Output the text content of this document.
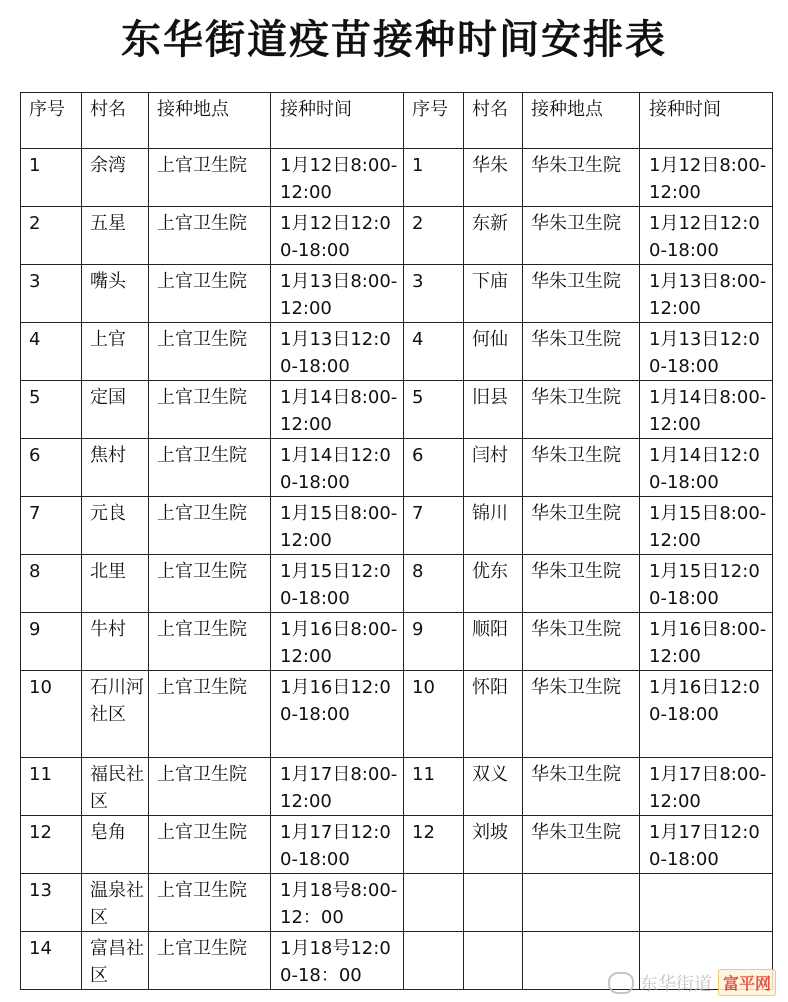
东华街道疫苗接种时间安排表
序号	村名	接种地点	接种时间	序号	村名	接种地点	接种时间
1	余湾	上官卫生院	1月12日8:00-12:00	1	华朱	华朱卫生院	1月12日8:00-12:00
2	五星	上官卫生院	1月12日12:00-18:00	2	东新	华朱卫生院	1月12日12:00-18:00
3	嘴头	上官卫生院	1月13日8:00-12:00	3	下庙	华朱卫生院	1月13日8:00-12:00
4	上官	上官卫生院	1月13日12:00-18:00	4	何仙	华朱卫生院	1月13日12:00-18:00
5	定国	上官卫生院	1月14日8:00-12:00	5	旧县	华朱卫生院	1月14日8:00-12:00
6	焦村	上官卫生院	1月14日12:00-18:00	6	闫村	华朱卫生院	1月14日12:00-18:00
7	元良	上官卫生院	1月15日8:00-12:00	7	锦川	华朱卫生院	1月15日8:00-12:00
8	北里	上官卫生院	1月15日12:00-18:00	8	优东	华朱卫生院	1月15日12:00-18:00
9	牛村	上官卫生院	1月16日8:00-12:00	9	顺阳	华朱卫生院	1月16日8:00-12:00
10	石川河社区	上官卫生院	1月16日12:00-18:00	10	怀阳	华朱卫生院	1月16日12:00-18:00
11	福民社区	上官卫生院	1月17日8:00-12:00	11	双义	华朱卫生院	1月17日8:00-12:00
12	皂角	上官卫生院	1月17日12:00-18:00	12	刘坡	华朱卫生院	1月17日12:00-18:00
13	温泉社区	上官卫生院	1月18号8:00-12：00				
14	富昌社区	上官卫生院	1月18号12:00-18：00					东华街道 富平网
